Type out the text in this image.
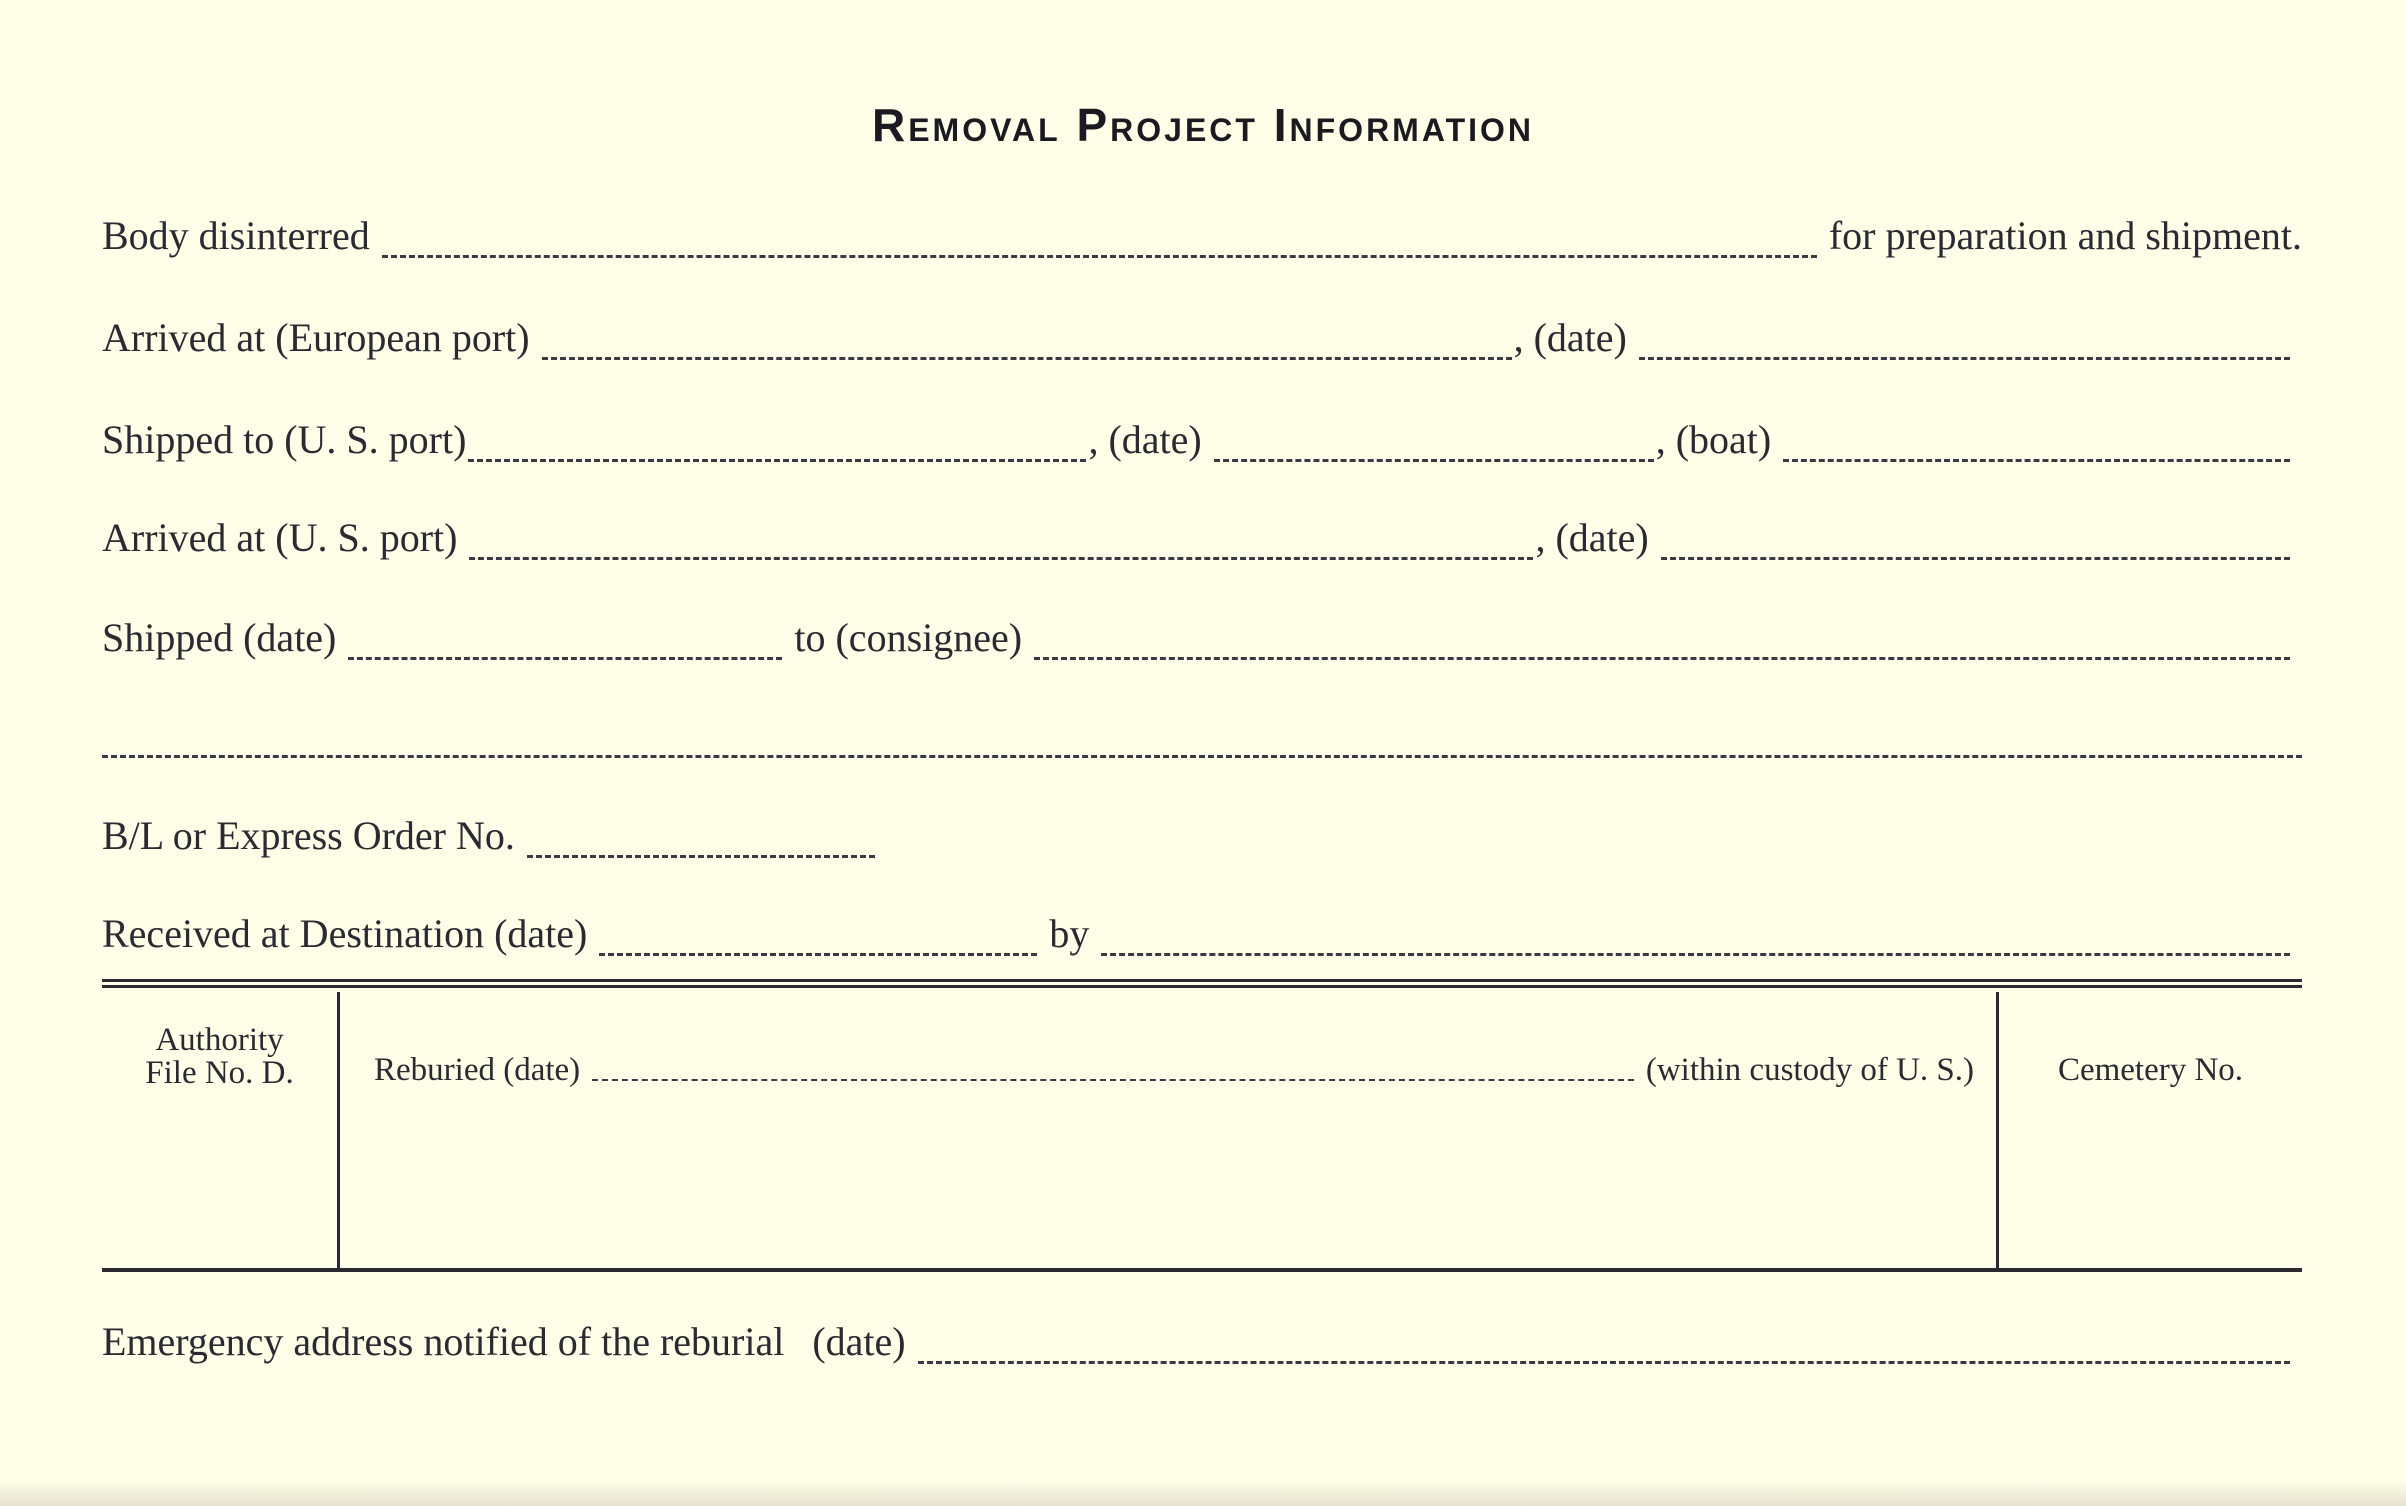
Removal Project Information
Body disinterred	for preparation and shipment.
Arrived at (European port)	, (date)
Shipped to (U. S. port)	, (date)	, (boat)
Arrived at (U. S. port)	, (date)
Shipped (date)	to (consignee)
B/L or Express Order No.
Received at Destination (date)	by
Authority
File No. D.	Reburied (date)	(within custody of U. S.)	Cemetery No.
Emergency address notified of the reburial (date)
